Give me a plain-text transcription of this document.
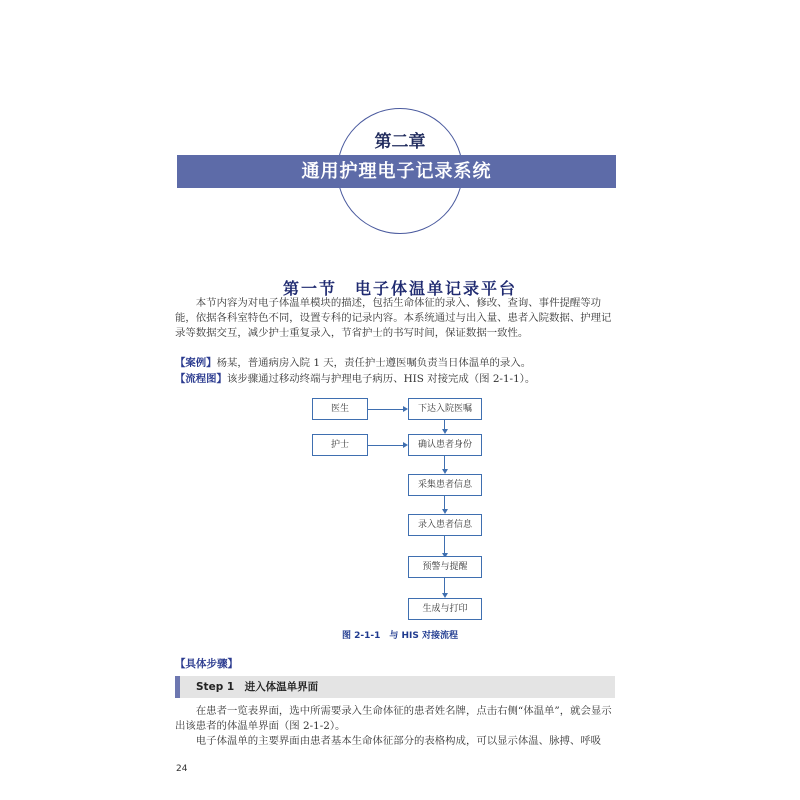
第二章
通用护理电子记录系统
第一节　电子体温单记录平台
本节内容为对电子体温单模块的描述，包括生命体征的录入、修改、查询、事件提醒等功能，依据各科室特色不同，设置专科的记录内容。本系统通过与出入量、患者入院数据、护理记录等数据交互，减少护士重复录入，节省护士的书写时间，保证数据一致性。
【案例】杨某，普通病房入院 1 天，责任护士遵医嘱负责当日体温单的录入。
【流程图】该步骤通过移动终端与护理电子病历、HIS 对接完成（图 2-1-1）。
医生
护士
下达入院医嘱
确认患者身份
采集患者信息
录入患者信息
预警与提醒
生成与打印
图 2-1-1　与 HIS 对接流程
【具体步骤】
Step 1　进入体温单界面
在患者一览表界面，选中所需要录入生命体征的患者姓名牌，点击右侧“体温单”，就会显示出该患者的体温单界面（图 2-1-2）。
电子体温单的主要界面由患者基本生命体征部分的表格构成，可以显示体温、脉搏、呼吸
24
